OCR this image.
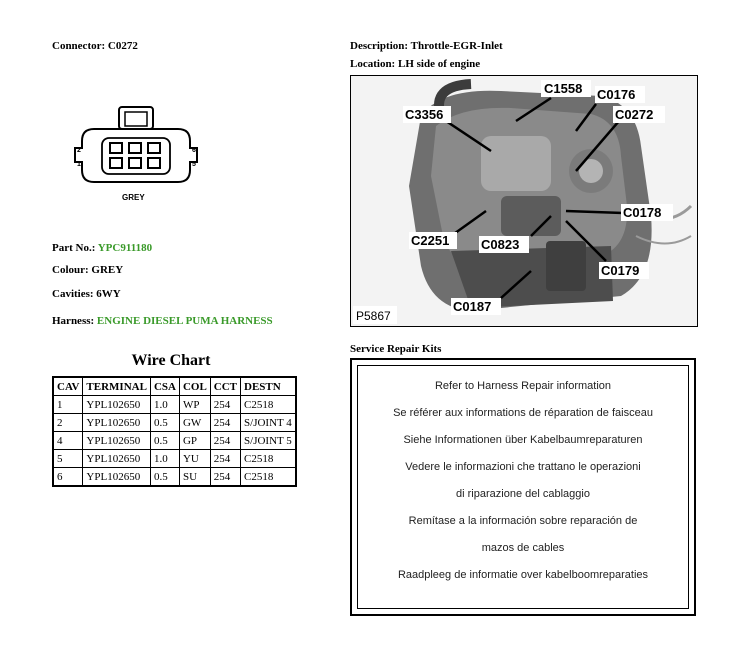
Connector: C0272
2
1
6
5
GREY
Part No.: YPC911180
Colour: GREY
Cavities: 6WY
Harness: ENGINE DIESEL PUMA HARNESS
Wire Chart
CAV	TERMINAL	CSA	COL	CCT	DESTN
1	YPL102650	1.0	WP	254	C2518
2	YPL102650	0.5	GW	254	S/JOINT 4
4	YPL102650	0.5	GP	254	S/JOINT 5
5	YPL102650	1.0	YU	254	C2518
6	YPL102650	0.5	SU	254	C2518
Description: Throttle-EGR-Inlet
Location: LH side of engine
C1558 C0176
C3356	C0272
C0178
C2251 C0823
C0179
C0187
P5867
Service Repair Kits
Refer to Harness Repair information
Se référer aux informations de réparation de faisceau
Siehe Informationen über Kabelbaumreparaturen
Vedere le informazioni che trattano le operazioni
di riparazione del cablaggio
Remítase a la información sobre reparación de
mazos de cables
Raadpleeg de informatie over kabelboomreparaties
